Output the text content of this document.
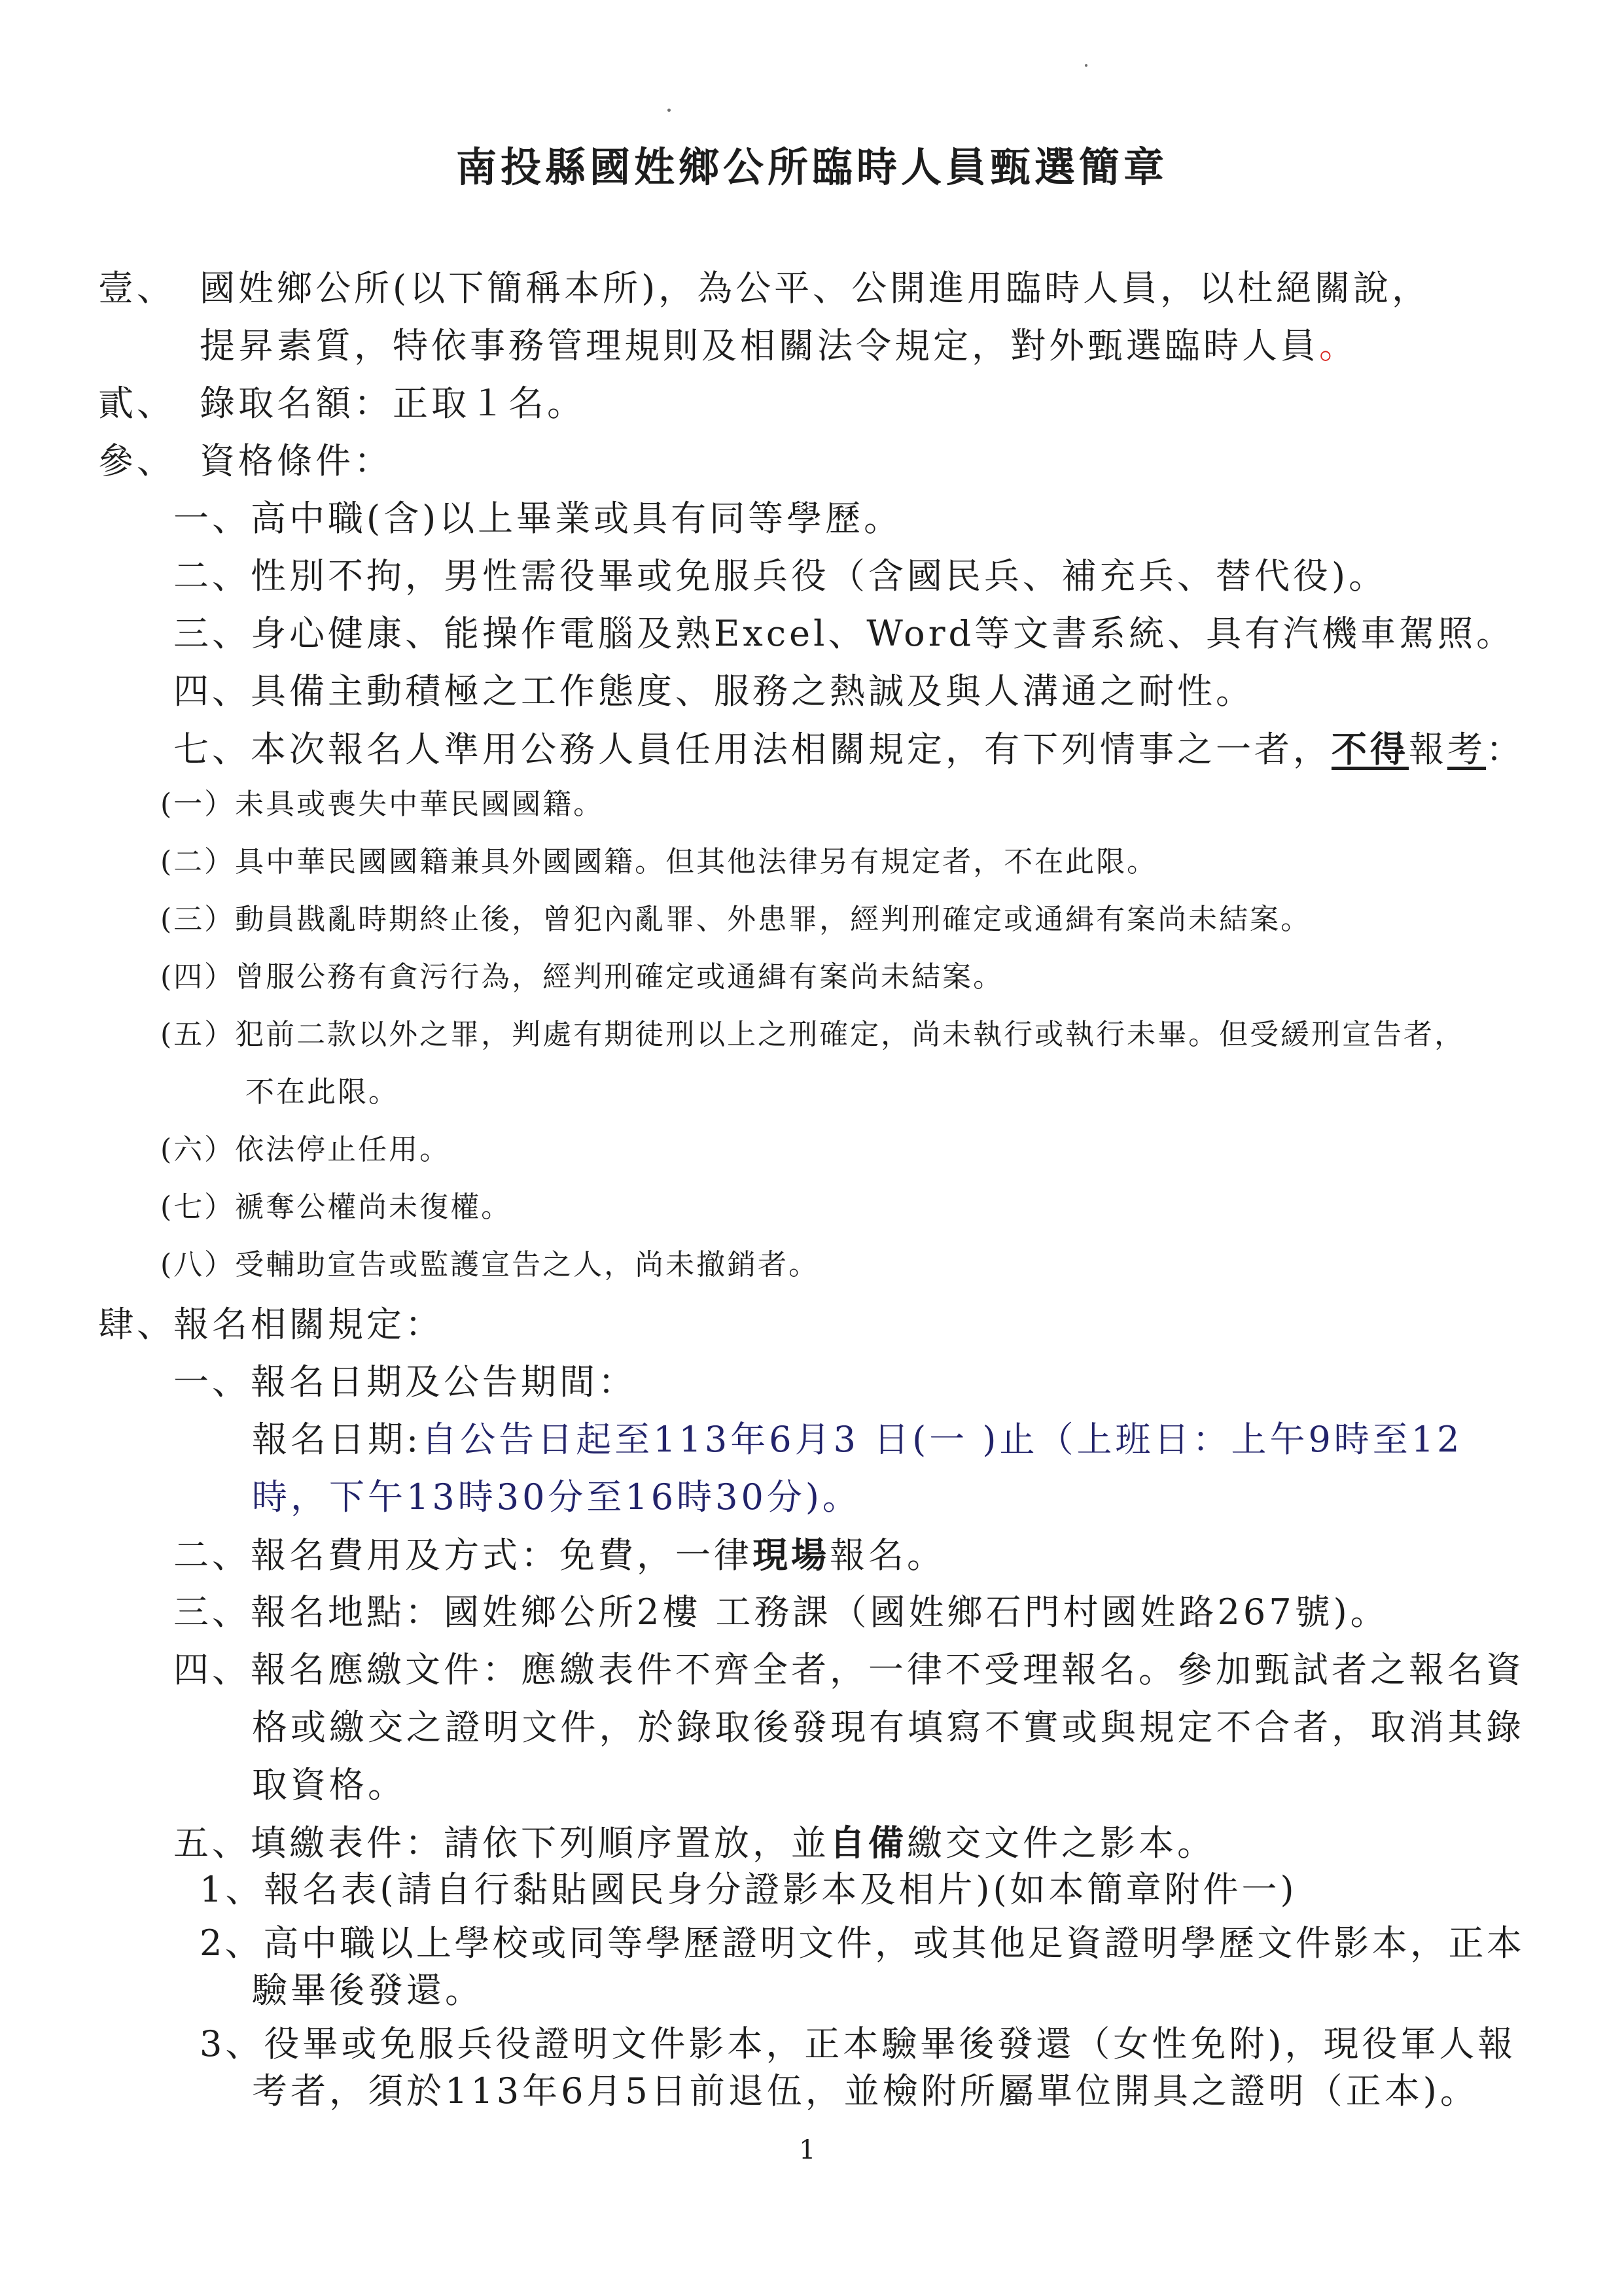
南投縣國姓鄉公所臨時人員甄選簡章
壹、 國姓鄉公所(以下簡稱本所)，為公平、公開進用臨時人員，以杜絕關說，
提昇素質，特依事務管理規則及相關法令規定，對外甄選臨時人員。
貳、 錄取名額：正取１名。
參、 資格條件：
一、高中職(含)以上畢業或具有同等學歷。
二、性別不拘，男性需役畢或免服兵役（含國民兵、補充兵、替代役)。
三、身心健康、能操作電腦及熟Excel、Word等文書系統、具有汽機車駕照。
四、具備主動積極之工作態度、服務之熱誠及與人溝通之耐性。
七、本次報名人準用公務人員任用法相關規定，有下列情事之一者，不得報考：
(一）未具或喪失中華民國國籍。
(二）具中華民國國籍兼具外國國籍。但其他法律另有規定者，不在此限。
(三）動員戡亂時期終止後，曾犯內亂罪、外患罪，經判刑確定或通緝有案尚未結案。
(四）曾服公務有貪污行為，經判刑確定或通緝有案尚未結案。
(五）犯前二款以外之罪，判處有期徒刑以上之刑確定，尚未執行或執行未畢。但受緩刑宣告者，
不在此限。
(六）依法停止任用。
(七）褫奪公權尚未復權。
(八）受輔助宣告或監護宣告之人，尚未撤銷者。
肆、
報名相關規定：
一、報名日期及公告期間：
報名日期:自公告日起至113年6月3 日(一 )止（上班日：上午9時至12
時，下午13時30分至16時30分)。
二、報名費用及方式：免費，一律現場報名。
三、報名地點：國姓鄉公所2樓 工務課（國姓鄉石門村國姓路267號)。
四、報名應繳文件：應繳表件不齊全者，一律不受理報名。參加甄試者之報名資
格或繳交之證明文件，於錄取後發現有填寫不實或與規定不合者，取消其錄
取資格。
五、填繳表件：請依下列順序置放，並自備繳交文件之影本。
1、報名表(請自行黏貼國民身分證影本及相片)(如本簡章附件一)
2、高中職以上學校或同等學歷證明文件，或其他足資證明學歷文件影本，正本
驗畢後發還。
3、役畢或免服兵役證明文件影本，正本驗畢後發還（女性免附)，現役軍人報
考者，須於113年6月5日前退伍，並檢附所屬單位開具之證明（正本)。
1
